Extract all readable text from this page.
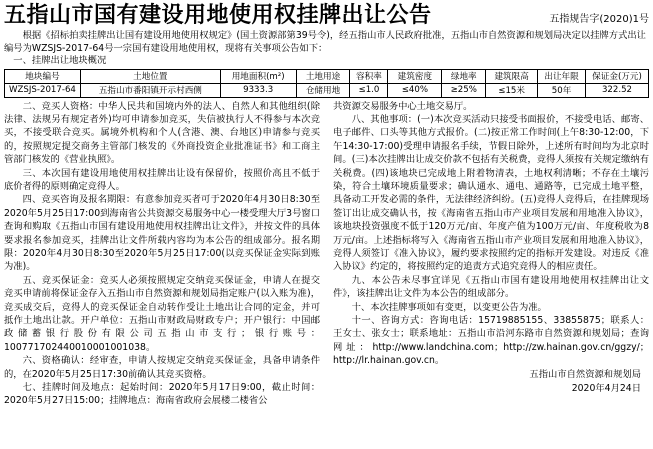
五指山市国有建设用地使用权挂牌出让公告	五指规告字(2020)1号
根据《招标拍卖挂牌出让国有建设用地使用权规定》(国土资源部第39号令)，经五指山市人民政府批准，五指山市自然资源和规划局决定以挂牌方式出让编号为WZSJS-2017-64号一宗国有建设用地使用权，现将有关事项公告如下：
一、挂牌出让地块概况
地块编号	土地位置	用地面积(m²)	土地用途	容积率	建筑密度	绿地率	建筑限高	出让年限	保证金(万元)
WZSJS-2017-64	五指山市番阳镇开示村西侧	9333.3	仓储用地	≤1.0	≤40%	≥25%	≤15米	50年	322.52

二、竞买人资格：中华人民共和国境内外的法人、自然人和其他组织(除法律、法规另有规定者外)均可申请参加竞买，失信被执行人不得参与本次竞买，不接受联合竞买。属境外机构和个人(含港、澳、台地区)申请参与竞买的，按照规定提交商务主管部门核发的《外商投资企业批准证书》和工商主管部门核发的《营业执照》。

三、本次国有建设用地使用权挂牌出让设有保留价，按照价高且不低于底价者得的原则确定竞得人。

四、竞买咨询及报名期限：有意参加竞买者可于2020年4月30日8:30至2020年5月25日17:00到海南省公共资源交易服务中心一楼受理大厅3号窗口查询和购取《五指山市国有建设用地使用权挂牌出让文件》，并按文件的具体要求报名参加竞买，挂牌出让文件所载内容均为本公告的组成部分。报名期限：2020年4月30日8:30至2020年5月25日17:00(以竞买保证金实际到账为准)。

五、竞买保证金：竞买人必须按照规定交纳竞买保证金，申请人在提交竞买申请前将保证金存入五指山市自然资源和规划局指定账户(以入账为准)，竞买成交后，竞得人的竞买保证金自动转作受让土地出让合同的定金，并可抵作土地出让款。开户单位：五指山市财政局财政专户；开户银行：中国邮政储蓄银行股份有限公司五指山市支行；银行账号：100771702440010001001038。

六、资格确认：经审查，申请人按规定交纳竞买保证金，具备申请条件的，在2020年5月25日17:30前确认其竞买资格。

七、挂牌时间及地点：起始时间：2020年5月17日9:00，截止时间：2020年5月27日15:00；挂牌地点：海南省政府会展楼二楼省公

共资源交易服务中心土地交易厅。

八、其他事项：(一)本次竞买活动只接受书面报价，不接受电话、邮寄、电子邮件、口头等其他方式报价。(二)按正常工作时间(上午8:30-12:00，下午14:30-17:00)受理申请报名手续，节假日除外，上述所有时间均为北京时间。(三)本次挂牌出让成交价款不包括有关税费，竞得人须按有关规定缴纳有关税费。(四)该地块已完成地上附着物清表，土地权利清晰；不存在土壤污染，符合土壤环境质量要求；确认通水、通电、通路等，已完成土地平整，具备动工开发必需的条件，无法律经济纠纷。(五)竞得人竞得后，在挂牌现场签订出让成交确认书，按《海南省五指山市产业项目发展和用地准入协议》，该地块投资强度不低于120万元/亩、年度产值为100万元/亩、年度税收为8万元/亩。上述指标将写入《海南省五指山市产业项目发展和用地准入协议》，竞得人须签订《准入协议》，履约要求按照约定的指标开发建设。对违反《准入协议》约定的，将按照约定的追责方式追究竞得人的相应责任。

九、本公告未尽事宜详见《五指山市国有建设用地使用权挂牌出让文件》，该挂牌出让文件为本公告的组成部分。

十、本次挂牌事项如有变更，以变更公告为准。

十一、咨询方式：咨询电话：15719885155、33855875；联系人：王女士、张女士；联系地址：五指山市沿河东路市自然资源和规划局；查询网址：http://www.landchina.com；http://zw.hainan.gov.cn/ggzy/；http://lr.hainan.gov.cn。

五指山市自然资源和规划局
2020年4月24日
